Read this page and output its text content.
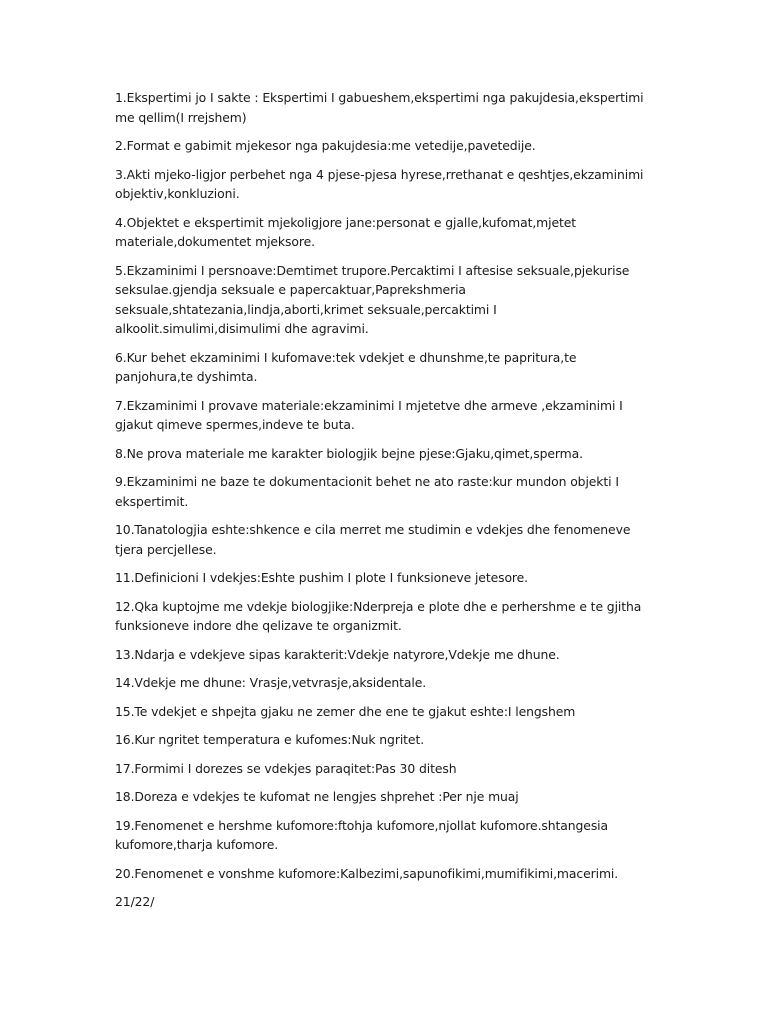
1.Ekspertimi jo I sakte : Ekspertimi I gabueshem,ekspertimi nga pakujdesia,ekspertimi me qellim(I rrejshem)

2.Format e gabimit mjekesor nga pakujdesia:me vetedije,pavetedije.

3.Akti mjeko-ligjor perbehet nga 4 pjese-pjesa hyrese,rrethanat e qeshtjes,ekzaminimi objektiv,konkluzioni.

4.Objektet e ekspertimit mjekoligjore jane:personat e gjalle,kufomat,mjetet materiale,dokumentet mjeksore.

5.Ekzaminimi I persnoave:Demtimet trupore.Percaktimi I aftesise seksuale,pjekurise seksulae.gjendja seksuale e papercaktuar,Paprekshmeria seksuale,shtatezania,lindja,aborti,krimet seksuale,percaktimi I alkoolit.simulimi,disimulimi dhe agravimi.

6.Kur behet ekzaminimi I kufomave:tek vdekjet e dhunshme,te papritura,te panjohura,te dyshimta.

7.Ekzaminimi I provave materiale:ekzaminimi I mjetetve dhe armeve ,ekzaminimi I gjakut qimeve spermes,indeve te buta.

8.Ne prova materiale me karakter biologjik bejne pjese:Gjaku,qimet,sperma.

9.Ekzaminimi ne baze te dokumentacionit behet ne ato raste:kur mundon objekti I ekspertimit.

10.Tanatologjia eshte:shkence e cila merret me studimin e vdekjes dhe fenomeneve tjera percjellese.

11.Definicioni I vdekjes:Eshte pushim I plote I funksioneve jetesore.

12.Qka kuptojme me vdekje biologjike:Nderpreja e plote dhe e perhershme e te gjitha funksioneve indore dhe qelizave te organizmit.

13.Ndarja e vdekjeve sipas karakterit:Vdekje natyrore,Vdekje me dhune.

14.Vdekje me dhune: Vrasje,vetvrasje,aksidentale.

15.Te vdekjet e shpejta gjaku ne zemer dhe ene te gjakut eshte:I lengshem

16.Kur ngritet temperatura e kufomes:Nuk ngritet.

17.Formimi I dorezes se vdekjes paraqitet:Pas 30 ditesh

18.Doreza e vdekjes te kufomat ne lengjes shprehet :Per nje muaj

19.Fenomenet e hershme kufomore:ftohja kufomore,njollat kufomore.shtangesia kufomore,tharja kufomore.

20.Fenomenet e vonshme kufomore:Kalbezimi,sapunofikimi,mumifikimi,macerimi.

21/22/
